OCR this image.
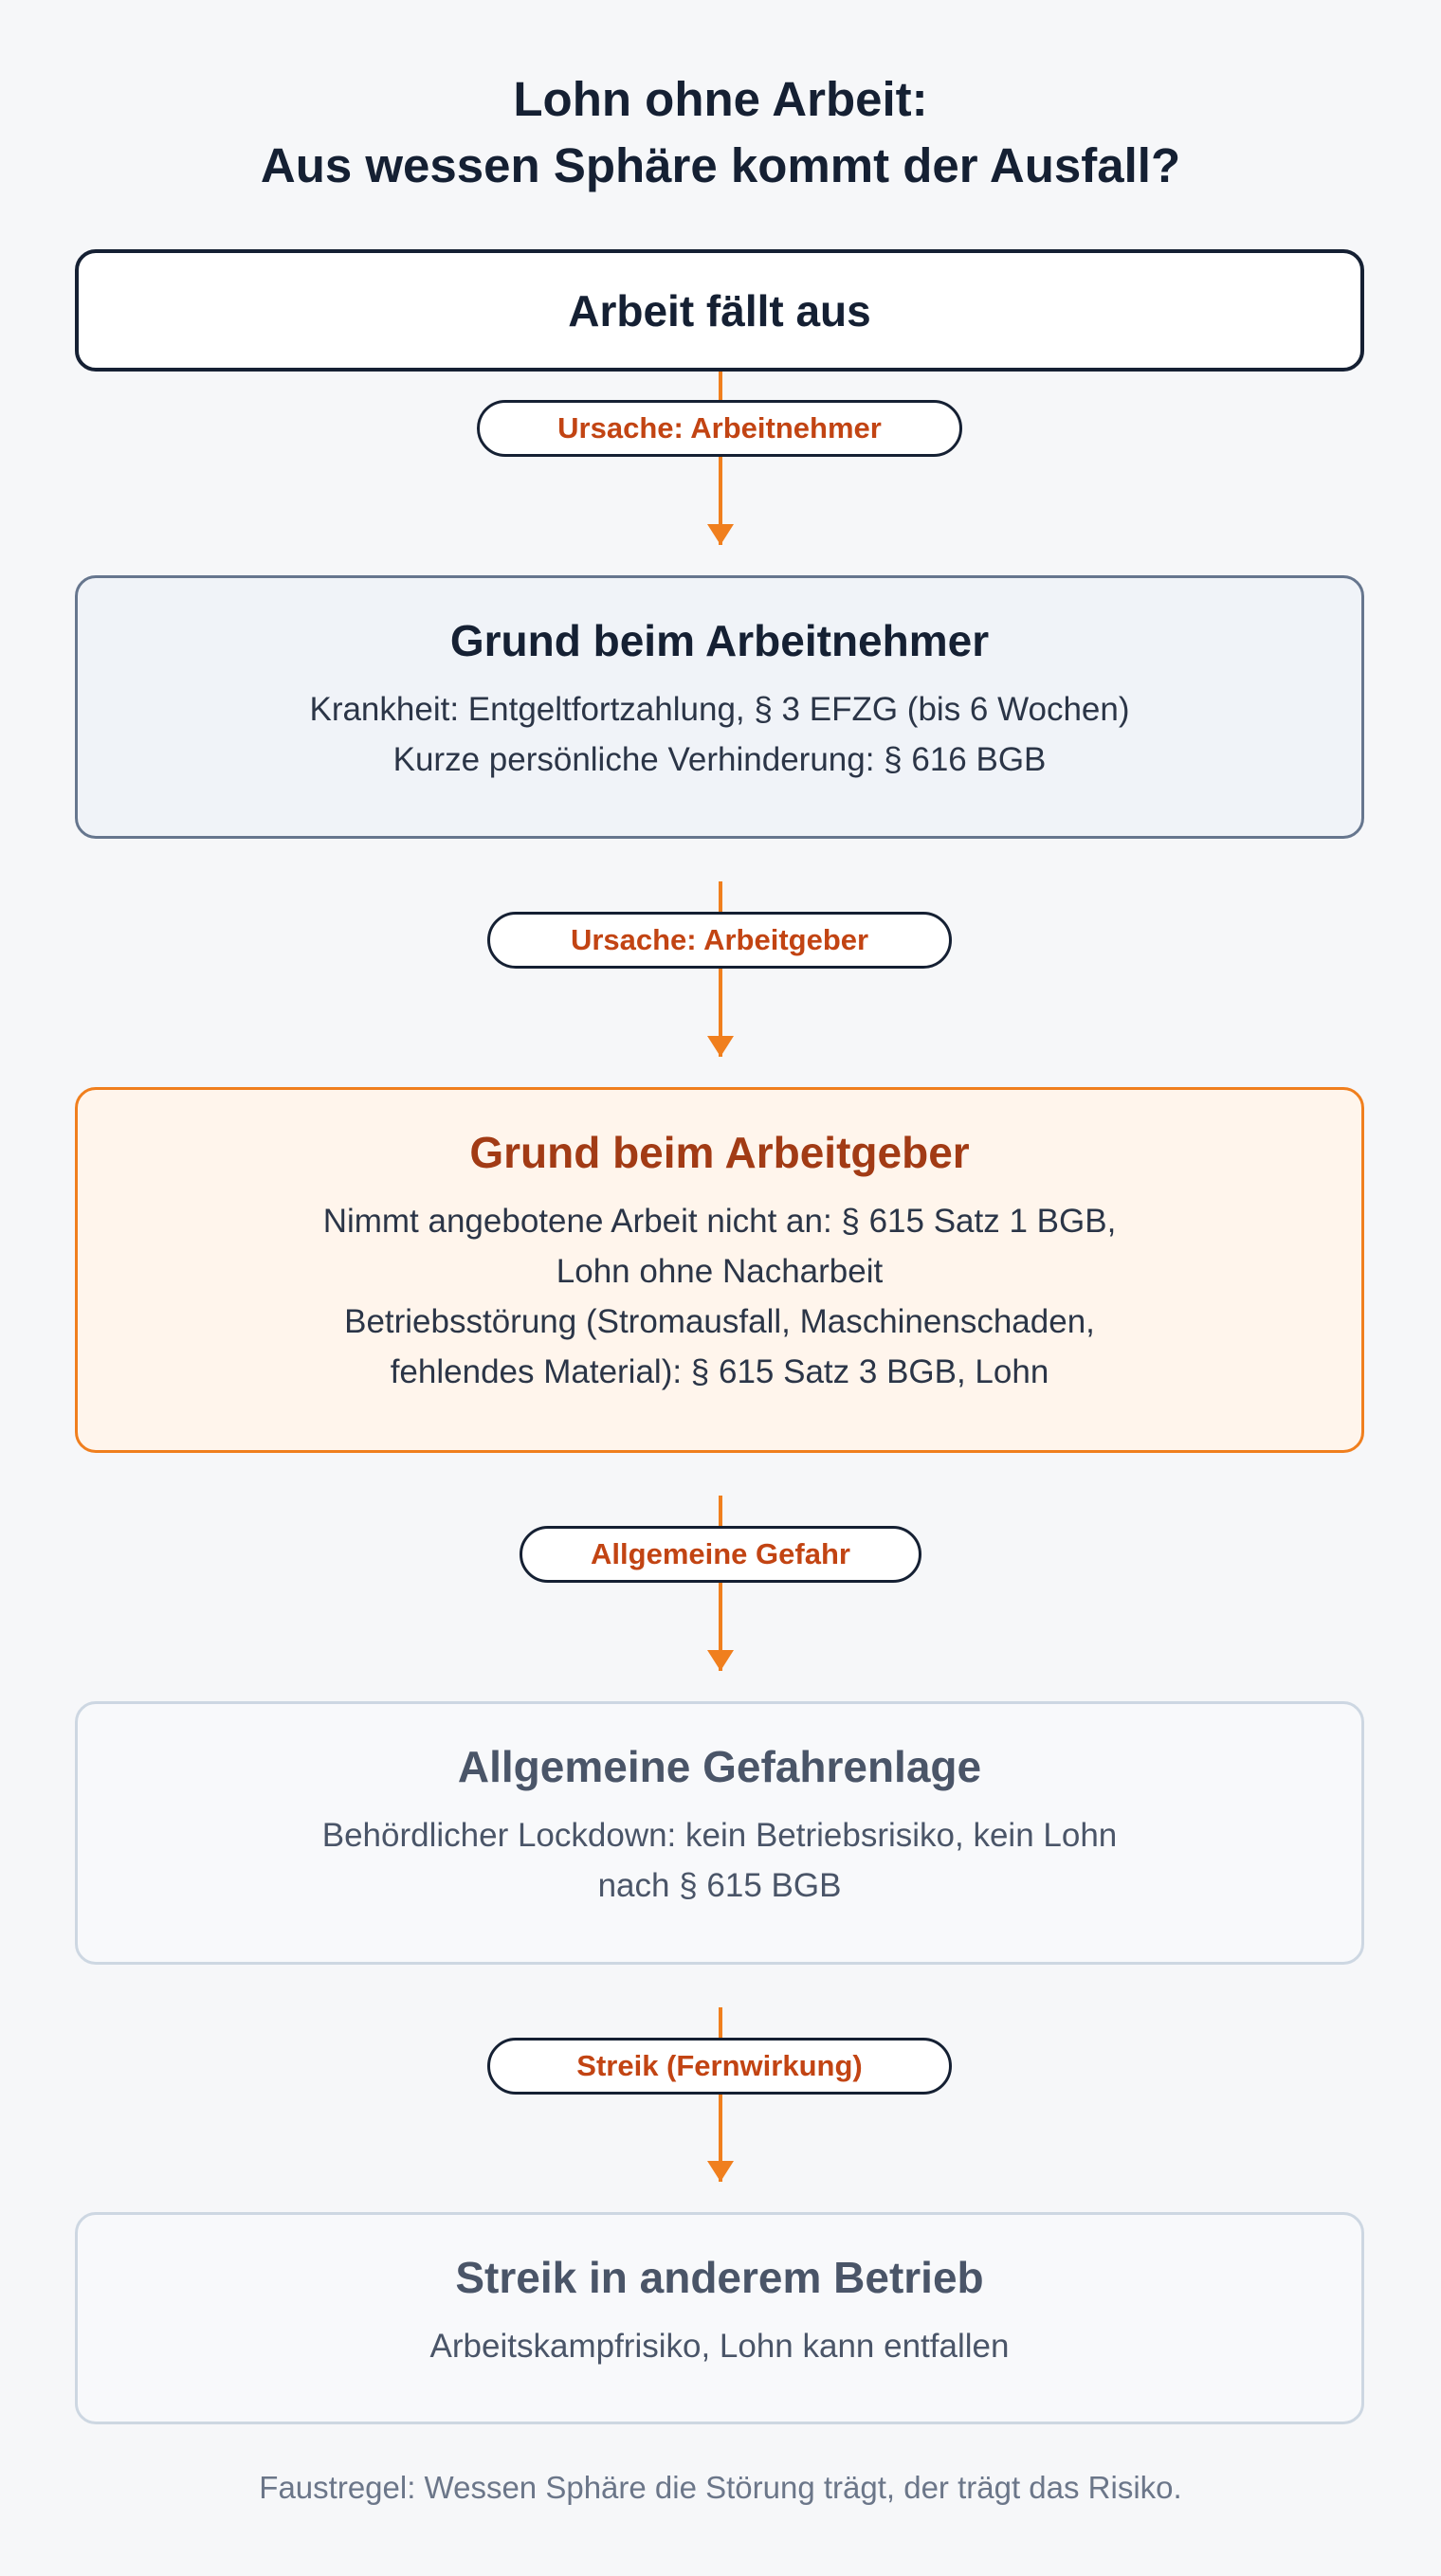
Lohn ohne Arbeit:
Aus wessen Sphäre kommt der Ausfall?
Arbeit fällt aus
Ursache: Arbeitnehmer
Grund beim Arbeitnehmer
Krankheit: Entgeltfortzahlung, § 3 EFZG (bis 6 Wochen)
Kurze persönliche Verhinderung: § 616 BGB
Ursache: Arbeitgeber
Grund beim Arbeitgeber
Nimmt angebotene Arbeit nicht an: § 615 Satz 1 BGB,
Lohn ohne Nacharbeit
Betriebsstörung (Stromausfall, Maschinenschaden,
fehlendes Material): § 615 Satz 3 BGB, Lohn
Allgemeine Gefahr
Allgemeine Gefahrenlage
Behördlicher Lockdown: kein Betriebsrisiko, kein Lohn
nach § 615 BGB
Streik (Fernwirkung)
Streik in anderem Betrieb
Arbeitskampfrisiko, Lohn kann entfallen
Faustregel: Wessen Sphäre die Störung trägt, der trägt das Risiko.
